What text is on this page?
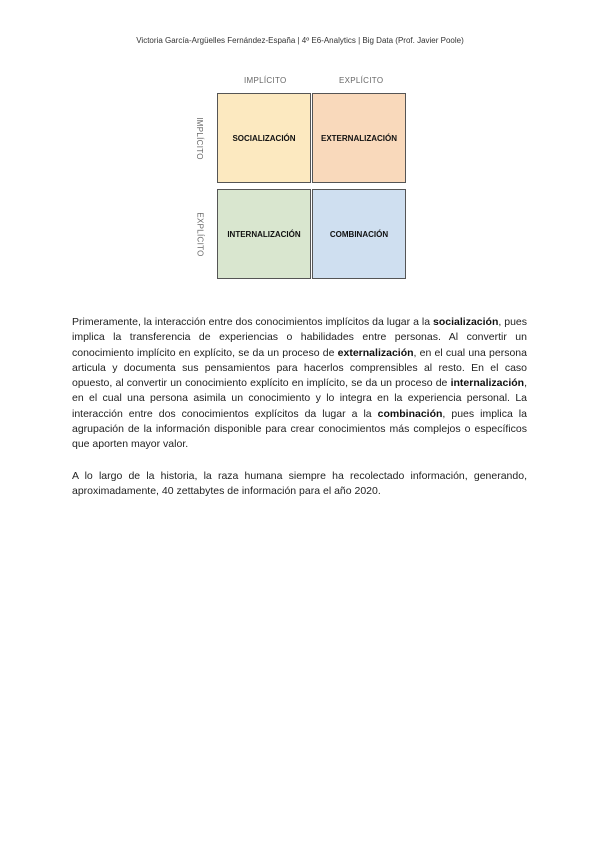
Victoria García-Argüelles Fernández-España | 4º E6-Analytics | Big Data (Prof. Javier Poole)
IMPLÍCITO	EXPLÍCITO
IMPLÍCITO
EXPLÍCITO
SOCIALIZACIÓN	EXTERNALIZACIÓN
INTERNALIZACIÓN	COMBINACIÓN

Primeramente, la interacción entre dos conocimientos implícitos da lugar a la socialización, pues implica la transferencia de experiencias o habilidades entre personas. Al convertir un conocimiento implícito en explícito, se da un proceso de externalización, en el cual una persona articula y documenta sus pensamientos para hacerlos comprensibles al resto. En el caso opuesto, al convertir un conocimiento explícito en implícito, se da un proceso de internalización, en el cual una persona asimila un conocimiento y lo integra en la experiencia personal. La interacción entre dos conocimientos explícitos da lugar a la combinación, pues implica la agrupación de la información disponible para crear conocimientos más complejos o específicos que aporten mayor valor.

A lo largo de la historia, la raza humana siempre ha recolectado información, generando, aproximadamente, 40 zettabytes de información para el año 2020.
